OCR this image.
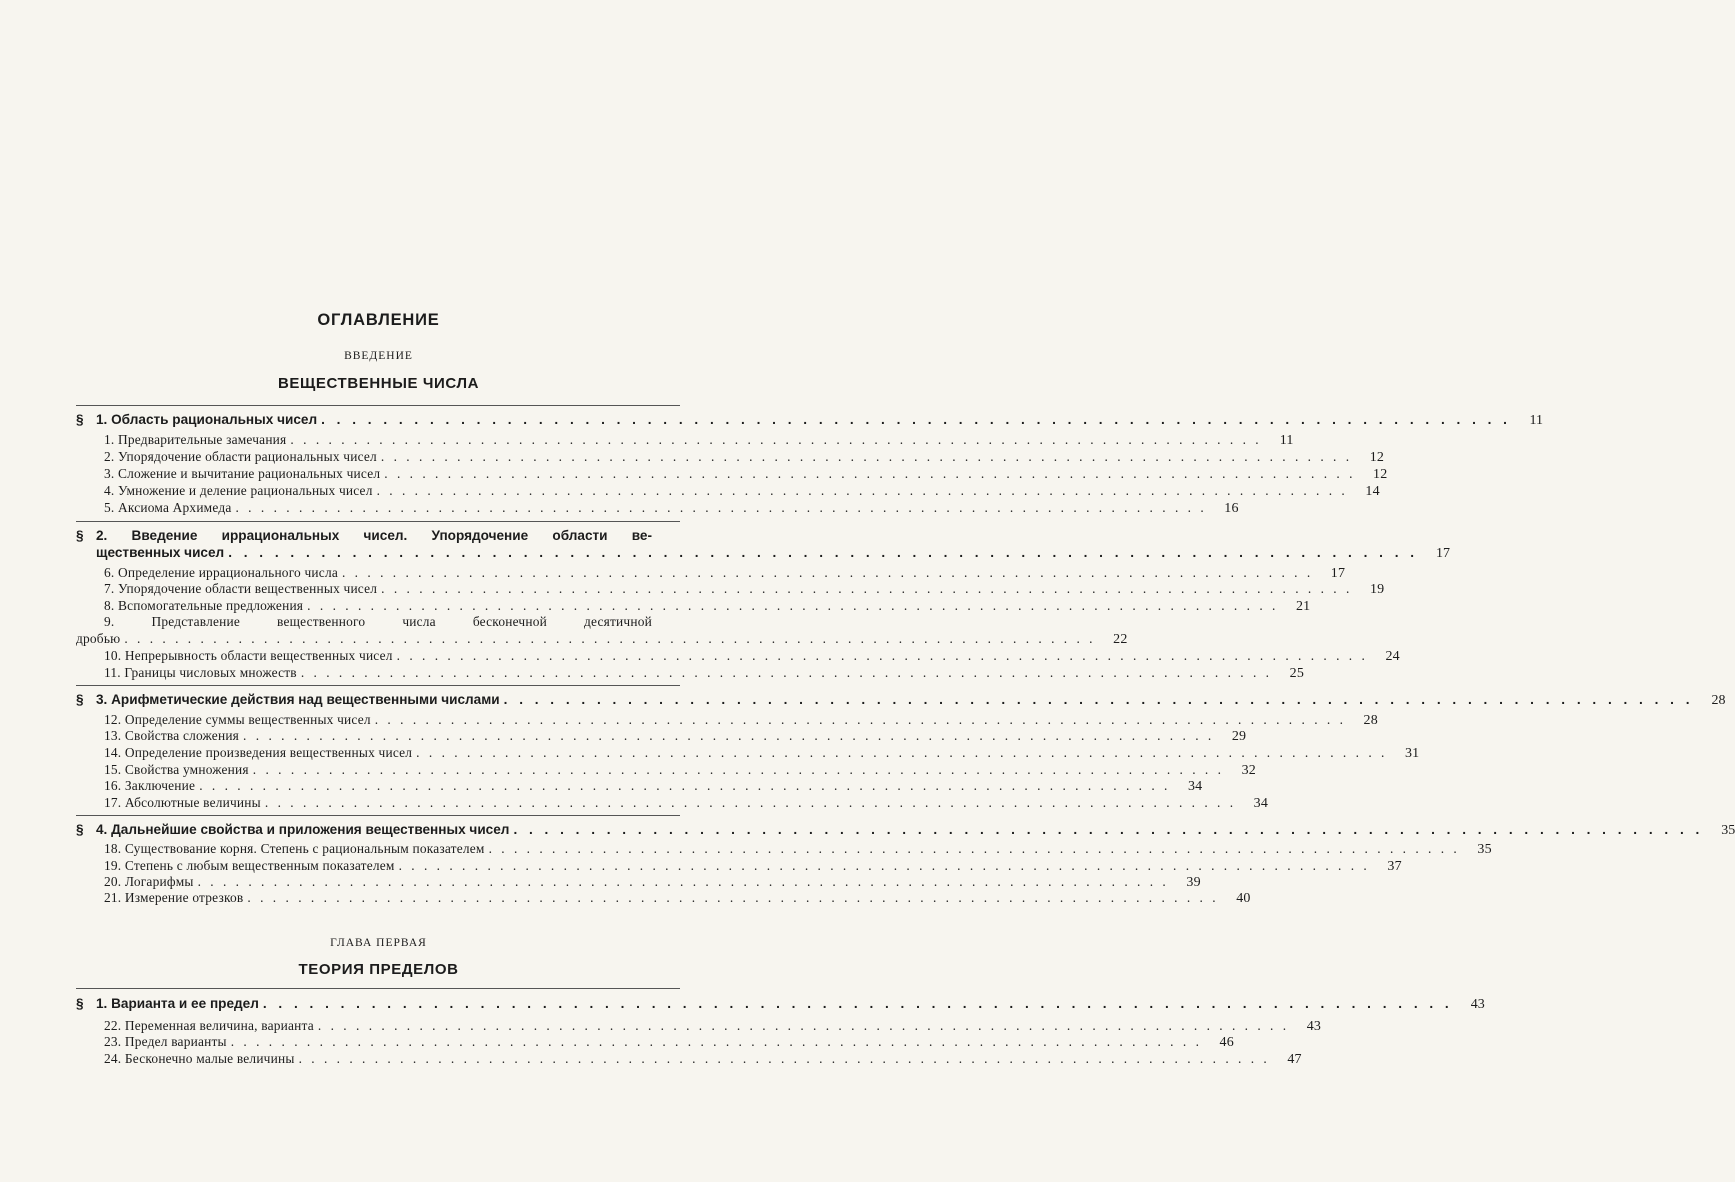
ОГЛАВЛЕНИЕ
ВВЕДЕНИЕ
ВЕЩЕСТВЕННЫЕ ЧИСЛА
§ 1. Область рациональных чисел . . .	11
1. Предварительные замечания . . .	11
2. Упорядочение области рациональных чисел . . .	12
3. Сложение и вычитание рациональных чисел . . .	12
4. Умножение и деление рациональных чисел . . .	14
5. Аксиома Архимеда . . .	16
§ 2. Введение иррациональных чисел. Упорядочение области ве-
щественных чисел . . .	17
6. Определение иррационального числа . . .	17
7. Упорядочение области вещественных чисел . . .	19
8. Вспомогательные предложения . . .	21
9. Представление вещественного числа бесконечной десятичной
дробью . . .	22
10. Непрерывность области вещественных чисел . . .	24
11. Границы числовых множеств . . .	25
§ 3. Арифметические действия над вещественными числами . . .	28
12. Определение суммы вещественных чисел . . .	28
13. Свойства сложения . . .	29
14. Определение произведения вещественных чисел . . .	31
15. Свойства умножения . . .	32
16. Заключение . . .	34
17. Абсолютные величины . . .	34
§ 4. Дальнейшие свойства и приложения вещественных чисел . . .	35
18. Существование корня. Степень с рациональным показателем . . .	35
19. Степень с любым вещественным показателем . . .	37
20. Логарифмы . . .	39
21. Измерение отрезков . . .	40
ГЛАВА ПЕРВАЯ
ТЕОРИЯ ПРЕДЕЛОВ
§ 1. Варианта и ее предел . . .	43
22. Переменная величина, варианта . . .	43
23. Предел варианты . . .	46
24. Бесконечно малые величины . . .	47
